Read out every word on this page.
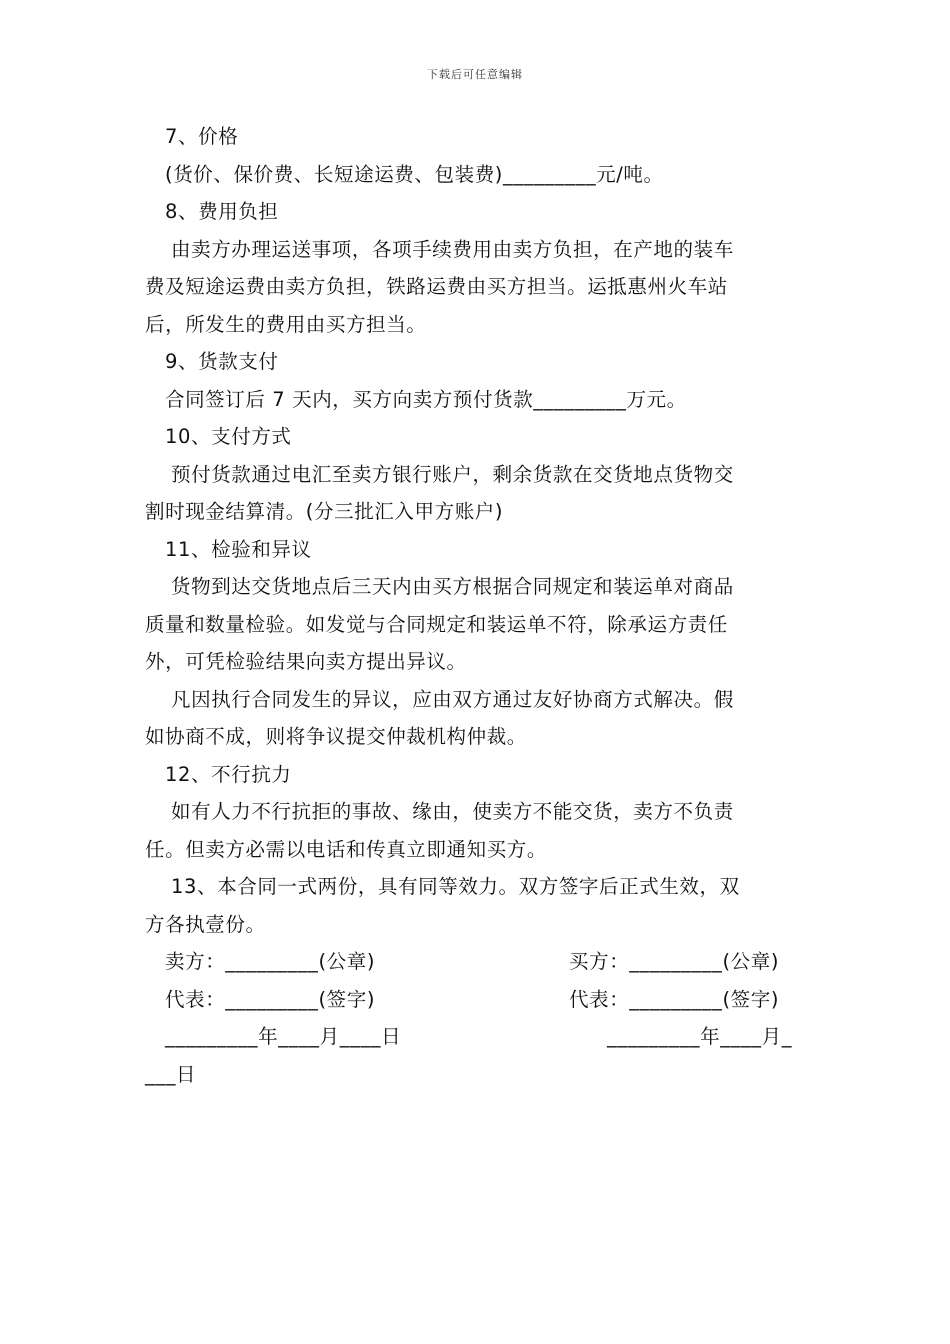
下载后可任意编辑
7、价格
(货价、保价费、长短途运费、包装费)_________元/吨。
8、费用负担
由卖方办理运送事项，各项手续费用由卖方负担，在产地的装车
费及短途运费由卖方负担，铁路运费由买方担当。运抵惠州火车站
后，所发生的费用由买方担当。
9、货款支付
合同签订后 7 天内，买方向卖方预付货款_________万元。
10、支付方式
预付货款通过电汇至卖方银行账户，剩余货款在交货地点货物交
割时现金结算清。(分三批汇入甲方账户)
11、检验和异议
货物到达交货地点后三天内由买方根据合同规定和装运单对商品
质量和数量检验。如发觉与合同规定和装运单不符，除承运方责任
外，可凭检验结果向卖方提出异议。
凡因执行合同发生的异议，应由双方通过友好协商方式解决。假
如协商不成，则将争议提交仲裁机构仲裁。
12、不行抗力
如有人力不行抗拒的事故、缘由，使卖方不能交货，卖方不负责
任。但卖方必需以电话和传真立即通知买方。
13、本合同一式两份，具有同等效力。双方签字后正式生效，双
方各执壹份。
卖方：_________(公章)	买方：_________(公章)
代表：_________(签字)	代表：_________(签字)
_________年____月____日	_________年____月_
___日
